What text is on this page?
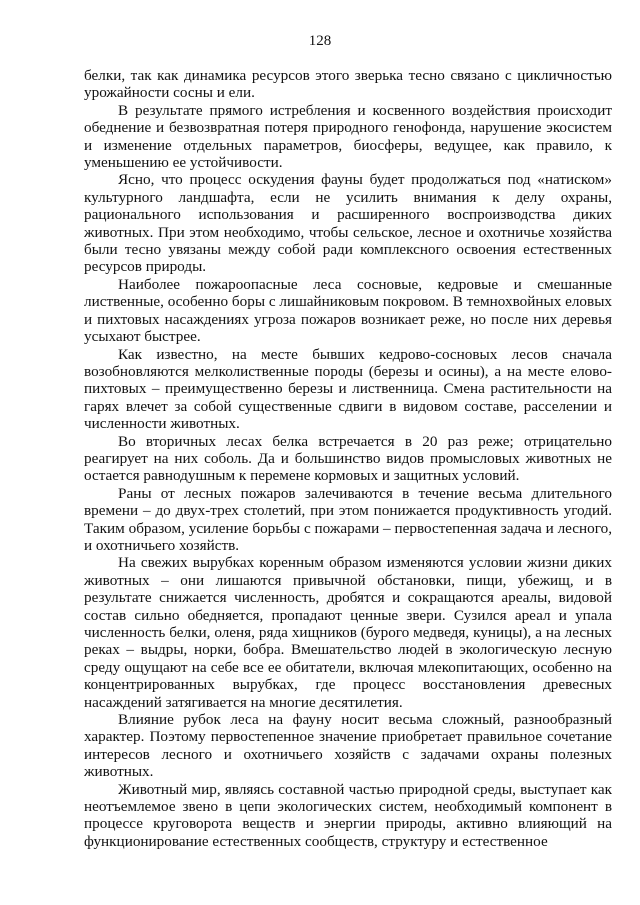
128

белки, так как динамика ресурсов этого зверька тесно связано с цикличностью урожайности сосны и ели.

В результате прямого истребления и косвенного воздействия происходит обеднение и безвозвратная потеря природного генофонда, нарушение экосистем и изменение отдельных параметров, биосферы, ведущее, как правило, к уменьшению ее устойчивости.

Ясно, что процесс оскудения фауны будет продолжаться под «натиском» культурного ландшафта, если не усилить внимания к делу охраны, рационального использования и расширенного воспроизводства диких животных. При этом необходимо, чтобы сельское, лесное и охотничье хозяйства были тесно увязаны между собой ради комплексного освоения естественных ресурсов природы.

Наиболее пожароопасные леса сосновые, кедровые и смешанные лиственные, особенно боры с лишайниковым покровом. В темнохвойных еловых и пихтовых насаждениях угроза пожаров возникает реже, но после них деревья усыхают быстрее.

Как известно, на месте бывших кедрово-сосновых лесов сначала возобновляются мелколиственные породы (березы и осины), а на месте елово-пихтовых – преимущественно березы и лиственница. Смена растительности на гарях влечет за собой существенные сдвиги в видовом составе, расселении и численности животных.

Во вторичных лесах белка встречается в 20 раз реже; отрицательно реагирует на них соболь. Да и большинство видов промысловых животных не остается равнодушным к перемене кормовых и защитных условий.

Раны от лесных пожаров залечиваются в течение весьма длительного времени – до двух-трех столетий, при этом понижается продуктивность угодий. Таким образом, усиление борьбы с пожарами – первостепенная задача и лесного, и охотничьего хозяйств.

На свежих вырубках коренным образом изменяются условии жизни диких животных – они лишаются привычной обстановки, пищи, убежищ, и в результате снижается численность, дробятся и сокращаются ареалы, видовой состав сильно обедняется, пропадают ценные звери. Сузился ареал и упала численность белки, оленя, ряда хищников (бурого медведя, куницы), а на лесных реках – выдры, норки, бобра. Вмешательство людей в экологическую лесную среду ощущают на себе все ее обитатели, включая млекопитающих, особенно на концентрированных вырубках, где процесс восстановления древесных насаждений затягивается на многие десятилетия.

Влияние рубок леса на фауну носит весьма сложный, разнообразный характер. Поэтому первостепенное значение приобретает правильное сочетание интересов лесного и охотничьего хозяйств с задачами охраны полезных животных.

Животный мир, являясь составной частью природной среды, выступает как неотъемлемое звено в цепи экологических систем, необходимый компонент в процессе круговорота веществ и энергии природы, активно влияющий на функционирование естественных сообществ, структуру и естественное
